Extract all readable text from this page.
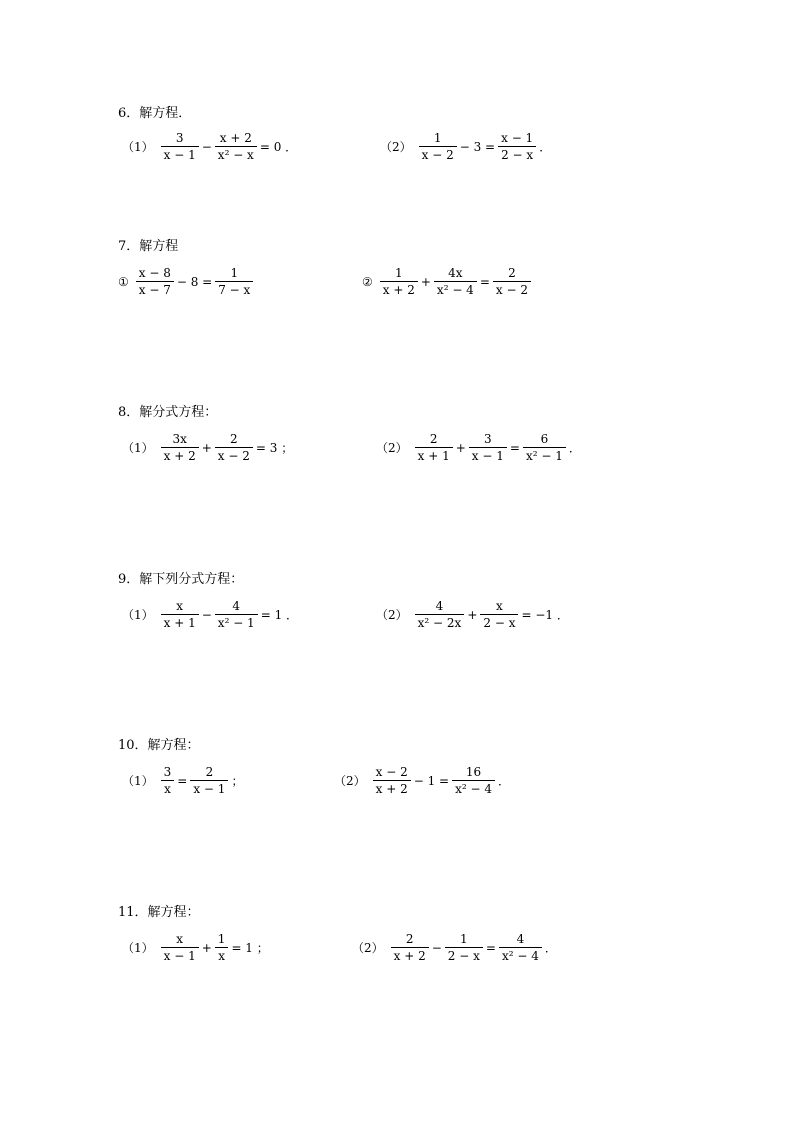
6．解方程．
$(1) \frac{3}{x - 1} - \frac{x + 2}{\text{x² − x}} = 0$ ．	$(2) \frac{1}{x - 2} - 3 = \frac{x - 1}{2 - x}$ ．
7．解方程
① $\frac{x - 8}{x - 7} - 8 = \frac{1}{7 - x}$	② $\frac{1}{x + 2} + \frac{4x}{\text{x² − 4}} = \frac{2}{x - 2}$
8．解分式方程：
$(1) \frac{3x}{x + 2} + \frac{2}{x - 2} = 3$ ；	$(2) \frac{2}{x + 1} + \frac{3}{x - 1} = \frac{6}{\text{x² − 1}}$ ．
9．解下列分式方程：
$(1) \frac{x}{x + 1} - \frac{4}{\text{x² − 1}} = 1$ ．	$(2) \frac{4}{\text{x² − 2x}} + \frac{x}{2 - x} = -1$ ．
10．解方程：
$(1) \frac{3}{x} = \frac{2}{x - 1}$ ；	$(2) \frac{x - 2}{x + 2} - 1 = \frac{16}{\text{x² − 4}}$ ．
11．解方程：
$(1) \frac{x}{x - 1} + \frac{1}{x} = 1$ ；	$(2) \frac{2}{x + 2} - \frac{1}{2 - x} = \frac{4}{\text{x² − 4}}$ ．
